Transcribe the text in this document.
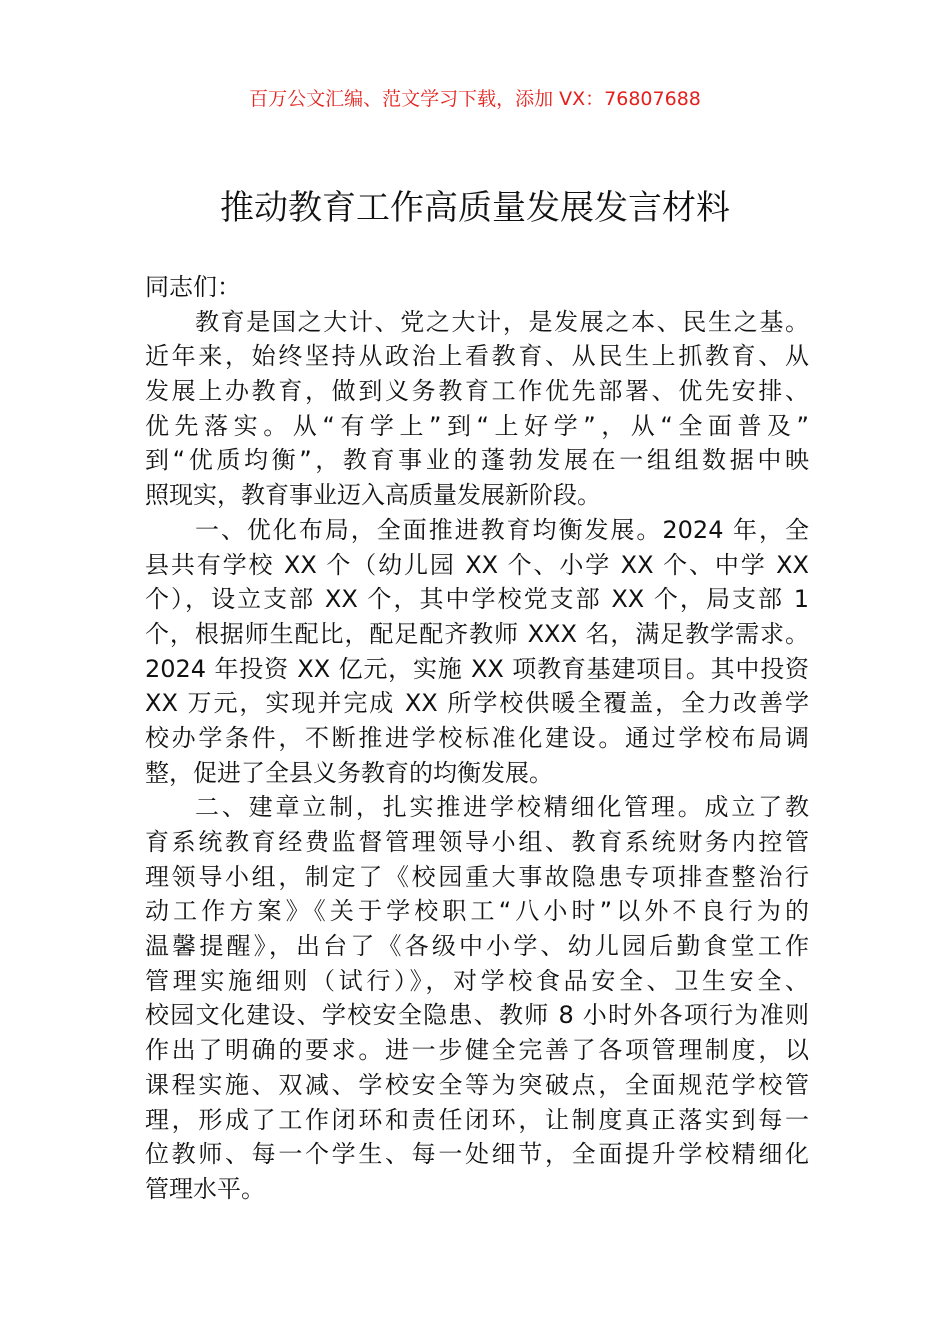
百万公文汇编、范文学习下载，添加 VX：76807688
推动教育工作高质量发展发言材料
同志们：
教育是国之大计、党之大计，是发展之本、民生之基。
近年来，始终坚持从政治上看教育、从民生上抓教育、从
发展上办教育，做到义务教育工作优先部署、优先安排、
优先落实。从“有学上”到“上好学”，从“全面普及”
到“优质均衡”，教育事业的蓬勃发展在一组组数据中映
照现实，教育事业迈入高质量发展新阶段。
一、优化布局，全面推进教育均衡发展。2024 年，全
县共有学校 XX 个（幼儿园 XX 个、小学 XX 个、中学 XX
个），设立支部 XX 个，其中学校党支部 XX 个，局支部 1
个，根据师生配比，配足配齐教师 XXX 名，满足教学需求。
2024 年投资 XX 亿元，实施 XX 项教育基建项目。其中投资
XX 万元，实现并完成 XX 所学校供暖全覆盖，全力改善学
校办学条件，不断推进学校标准化建设。通过学校布局调
整，促进了全县义务教育的均衡发展。
二、建章立制，扎实推进学校精细化管理。成立了教
育系统教育经费监督管理领导小组、教育系统财务内控管
理领导小组，制定了《校园重大事故隐患专项排查整治行
动工作方案》《关于学校职工“八小时”以外不良行为的
温馨提醒》，出台了《各级中小学、幼儿园后勤食堂工作
管理实施细则（试行）》，对学校食品安全、卫生安全、
校园文化建设、学校安全隐患、教师 8 小时外各项行为准则
作出了明确的要求。进一步健全完善了各项管理制度，以
课程实施、双减、学校安全等为突破点，全面规范学校管
理，形成了工作闭环和责任闭环，让制度真正落实到每一
位教师、每一个学生、每一处细节，全面提升学校精细化
管理水平。
